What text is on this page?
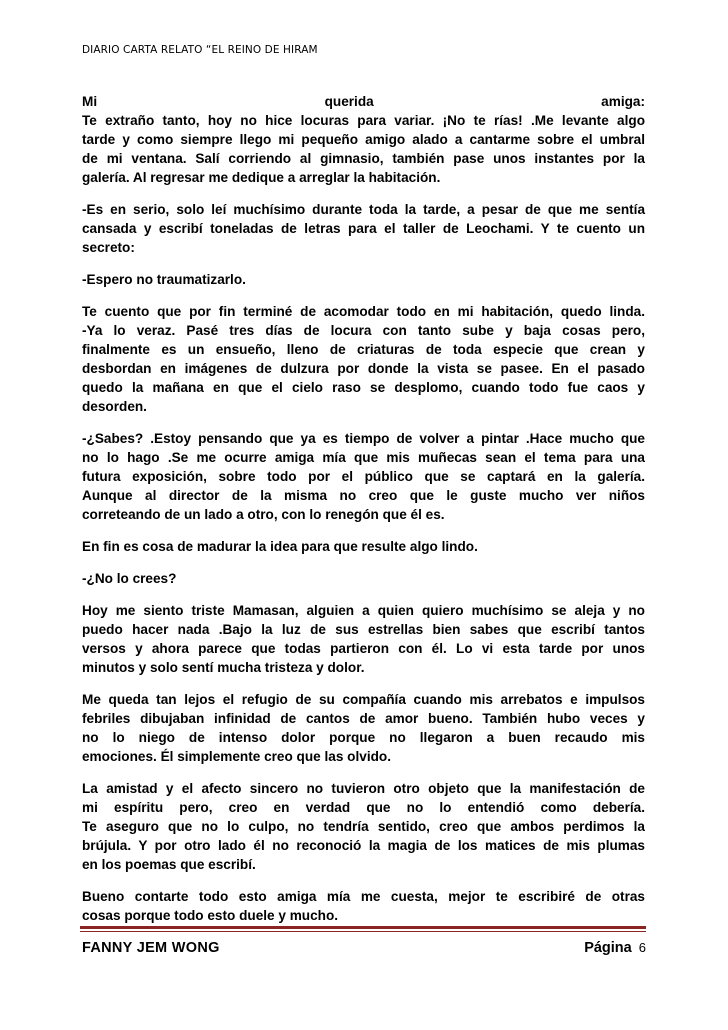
DIARIO CARTA RELATO “EL REINO DE HIRAM

Mi querida amiga:
Te extraño tanto, hoy no hice locuras para variar. ¡No te rías! .Me levante algo
tarde y como siempre llego mi pequeño amigo alado a cantarme sobre el umbral
de mi ventana. Salí corriendo al gimnasio, también pase unos instantes por la
galería. Al regresar me dedique a arreglar la habitación.

-Es en serio, solo leí muchísimo durante toda la tarde, a pesar de que me sentía
cansada y escribí toneladas de letras para el taller de Leochami. Y te cuento un
secreto:

-Espero no traumatizarlo.

Te cuento que por fin terminé de acomodar todo en mi habitación, quedo linda.
-Ya lo veraz. Pasé tres días de locura con tanto sube y baja cosas pero,
finalmente es un ensueño, lleno de criaturas de toda especie que crean y
desbordan en imágenes de dulzura por donde la vista se pasee. En el pasado
quedo la mañana en que el cielo raso se desplomo, cuando todo fue caos y
desorden.

-¿Sabes? .Estoy pensando que ya es tiempo de volver a pintar .Hace mucho que
no lo hago .Se me ocurre amiga mía que mis muñecas sean el tema para una
futura exposición, sobre todo por el público que se captará en la galería.
Aunque al director de la misma no creo que le guste mucho ver niños
correteando de un lado a otro, con lo renegón que él es.

En fin es cosa de madurar la idea para que resulte algo lindo.

-¿No lo crees?

Hoy me siento triste Mamasan, alguien a quien quiero muchísimo se aleja y no
puedo hacer nada .Bajo la luz de sus estrellas bien sabes que escribí tantos
versos y ahora parece que todas partieron con él. Lo vi esta tarde por unos
minutos y solo sentí mucha tristeza y dolor.

Me queda tan lejos el refugio de su compañía cuando mis arrebatos e impulsos
febriles dibujaban infinidad de cantos de amor bueno. También hubo veces y
no lo niego de intenso dolor porque no llegaron a buen recaudo mis
emociones. Él simplemente creo que las olvido.

La amistad y el afecto sincero no tuvieron otro objeto que la manifestación de
mi espíritu pero, creo en verdad que no lo entendió como debería.
Te aseguro que no lo culpo, no tendría sentido, creo que ambos perdimos la
brújula. Y por otro lado él no reconoció la magia de los matices de mis plumas
en los poemas que escribí.

Bueno contarte todo esto amiga mía me cuesta, mejor te escribiré de otras
cosas porque todo esto duele y mucho.

FANNY JEM WONG	Página 6
